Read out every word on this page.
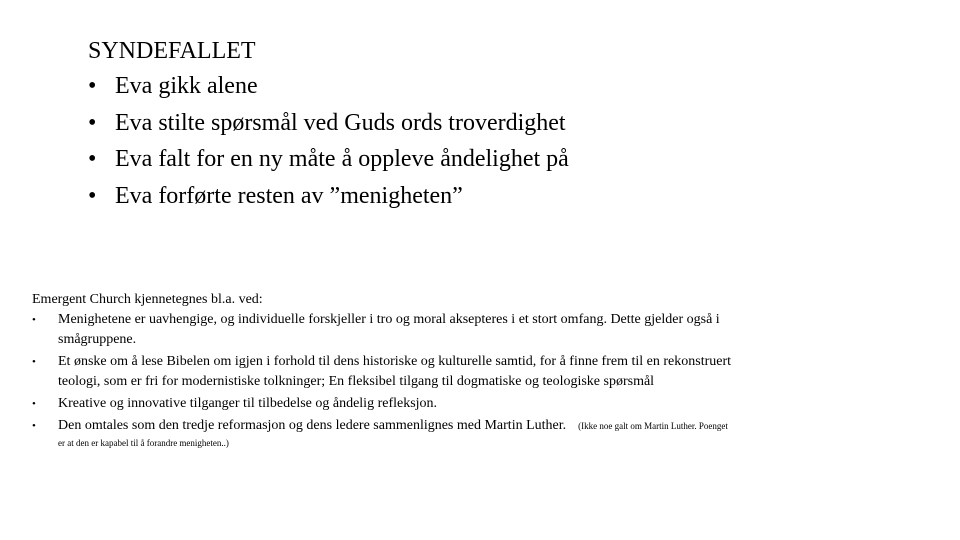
SYNDEFALLET
• Eva gikk alene
• Eva stilte spørsmål ved Guds ords troverdighet
• Eva falt for en ny måte å oppleve åndelighet på
• Eva forførte resten av ”menigheten”
Emergent Church kjennetegnes bl.a. ved:
• Menighetene er uavhengige, og individuelle forskjeller i tro og moral aksepteres i et stort omfang. Dette gjelder også i
smågruppene.
• Et ønske om å lese Bibelen om igjen i forhold til dens historiske og kulturelle samtid, for å finne frem til en rekonstruert
teologi, som er fri for modernistiske tolkninger; En fleksibel tilgang til dogmatiske og teologiske spørsmål
• Kreative og innovative tilganger til tilbedelse og åndelig refleksjon.
• Den omtales som den tredje reformasjon og dens ledere sammenlignes med Martin Luther. (Ikke noe galt om Martin Luther. Poenget
er at den er kapabel til å forandre menigheten..)
